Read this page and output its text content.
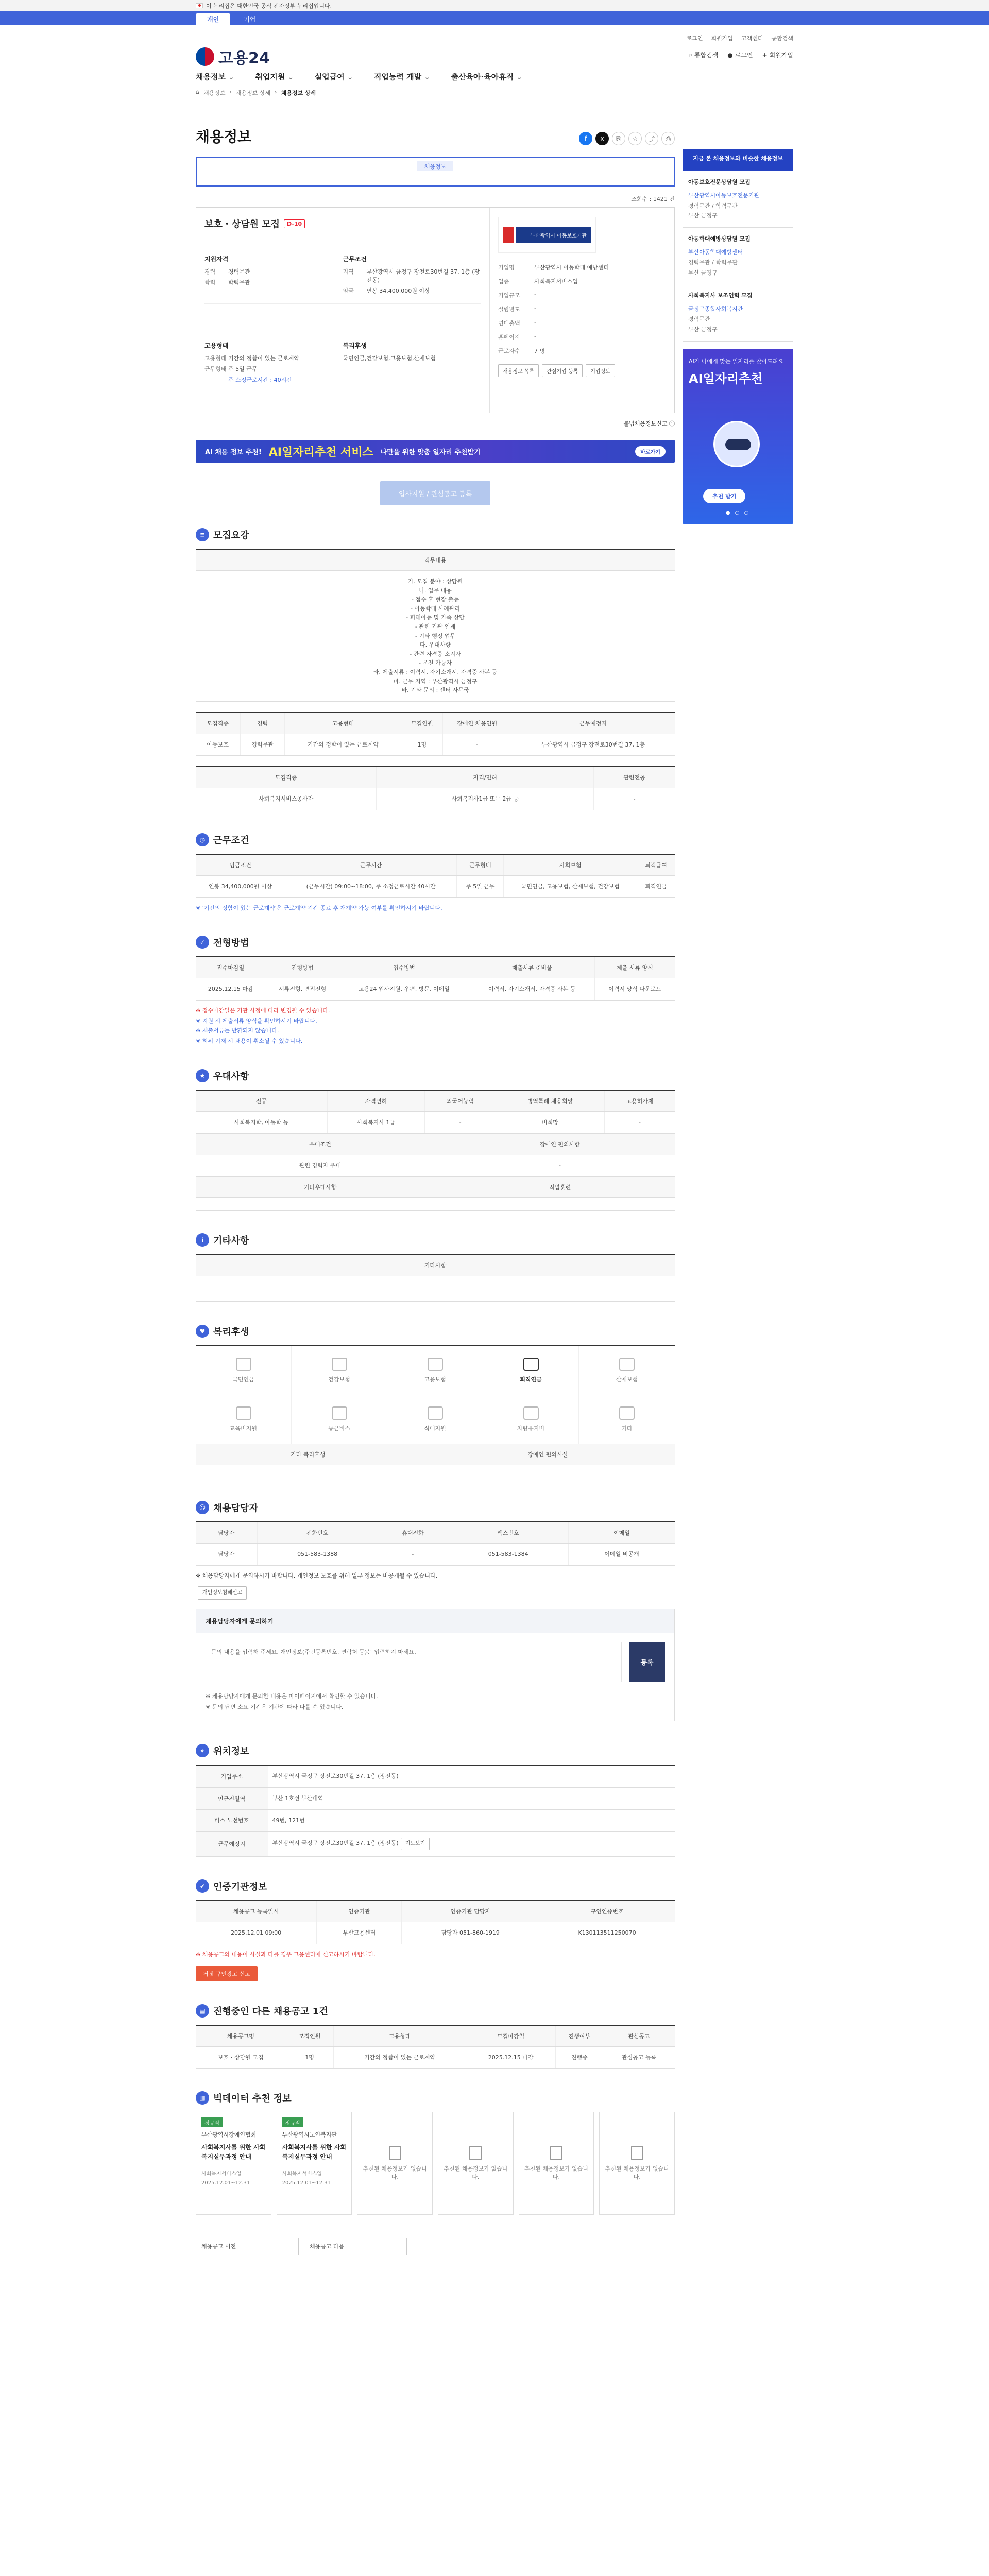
이 누리집은 대한민국 공식 전자정부 누리집입니다.
개인	기업
고용24
로그인 회원가입 고객센터 통합검색
⌕ 통합검색 ● 로그인 + 회원가입
채용정보 ⌄	취업지원 ⌄	실업급여 ⌄	직업능력 개발 ⌄	출산육아·육아휴직 ⌄
⌂ 채용정보 › 채용정보 상세 › 채용정보 상세
채용정보	f	x	⎘	☆	⤴	⎙
채용정보
조회수 : 1421 건
보호・상담원 모집	D-10
지원자격
경력	경력무관
학력	학력무관
근무조건
지역	부산광역시 금정구 장전로30번길 37, 1층 (장전동)
임금	연봉 34,400,000원 이상
고용형태
고용형태 기간의 정함이 있는 근로계약
근무형태 주 5일 근무
주 소정근로시간 : 40시간
복리후생
국민연금,건강보험,고용보험,산재보험
부산광역시 아동보호기관
기업명	부산광역시 아동학대 예방센터
업종	사회복지서비스업
기업규모	-
설립년도	-
연매출액	-
홈페이지	-
근로자수	7 명
채용정보 목록	관심기업 등록	기업정보
불법채용정보신고 ⓘ
AI 채용 정보 추천! AI일자리추천 서비스 나만을 위한 맞춤 일자리 추천받기	바로가기
입사지원 / 관심공고 등록
≡ 모집요강
직무내용

가. 모집 분야 : 상담원
나. 업무 내용
- 접수 후 현장 출동
- 아동학대 사례관리
- 피해아동 및 가족 상담
- 관련 기관 연계
- 기타 행정 업무
다. 우대사항
- 관련 자격증 소지자
- 운전 가능자
라. 제출서류 : 이력서, 자기소개서, 자격증 사본 등
마. 근무 지역 : 부산광역시 금정구
바. 기타 문의 : 센터 사무국
모집직종	경력	고용형태	모집인원	장애인 채용인원	근무예정지
아동보호	경력무관	기간의 정함이 있는 근로계약	1명	-	부산광역시 금정구 장전로30번길 37, 1층
모집직종	자격/면허	관련전공
사회복지서비스종사자	사회복지사1급 또는 2급 등	-
◷ 근무조건
임금조건	근무시간	근무형태	사회보험	퇴직급여
연봉 34,400,000원 이상	(근무시간) 09:00~18:00, 주 소정근로시간 40시간	주 5일 근무	국민연금, 고용보험, 산재보험, 건강보험	퇴직연금
※ '기간의 정함이 있는 근로계약'은 근로계약 기간 종료 후 재계약 가능 여부를 확인하시기 바랍니다.
✓ 전형방법
접수마감일	전형방법	접수방법	제출서류 준비물	제출 서류 양식
2025.12.15 마감	서류전형, 면접전형	고용24 입사지원, 우편, 방문, 이메일	이력서, 자기소개서, 자격증 사본 등	이력서 양식 다운로드
※ 접수마감일은 기관 사정에 따라 변경될 수 있습니다.
※ 지원 시 제출서류 양식을 확인하시기 바랍니다.
※ 제출서류는 반환되지 않습니다.
※ 허위 기재 시 채용이 취소될 수 있습니다.
★ 우대사항
전공	자격면허	외국어능력	병역특례 채용희망	고용허가제
사회복지학, 아동학 등	사회복지사 1급	-	비희망	-
우대조건	장애인 편의사항
관련 경력자 우대	-
기타우대사항	직업훈련

i	기타사항
기타사항

♥ 복리후생
국민연금	건강보험	고용보험	퇴직연금	산재보험
교육비지원	통근버스	식대지원	차량유지비	기타
기타 복리후생	장애인 편의시설

☺ 채용담당자
담당자	전화번호	휴대전화	팩스번호	이메일
담당자	051-583-1388	-	051-583-1384	이메일 비공개
※ 채용담당자에게 문의하시기 바랍니다. 개인정보 보호를 위해 일부 정보는 비공개될 수 있습니다.
개인정보침해신고
채용담당자에게 문의하기
문의 내용을 입력해 주세요. 개인정보(주민등록번호, 연락처 등)는 입력하지 마세요.
등록
※ 채용담당자에게 문의한 내용은 마이페이지에서 확인할 수 있습니다.
※ 문의 답변 소요 기간은 기관에 따라 다를 수 있습니다.
⌖ 위치정보
기업주소	부산광역시 금정구 장전로30번길 37, 1층 (장전동)
인근전철역	부산 1호선 부산대역
버스 노선번호	49번, 121번
근무예정지	부산광역시 금정구 장전로30번길 37, 1층 (장전동) 지도보기
✔ 인증기관정보
채용공고 등록일시	인증기관	인증기관 담당자	구인인증번호
2025.12.01 09:00	부산고용센터	담당자 051-860-1919	K130113511250070
※ 채용공고의 내용이 사실과 다를 경우 고용센터에 신고하시기 바랍니다.
거짓 구인광고 신고
▤ 진행중인 다른 채용공고 1건
채용공고명	모집인원	고용형태	모집마감일	진행여부	관심공고
보호・상담원 모집	1명	기간의 정함이 있는 근로계약	2025.12.15 마감	진행중	관심공고 등록
▥ 빅데이터 추천 정보
정규직
부산광역시장애인협회
사회복지사를 위한 사회복지실무과정 안내
사회복지서비스업 2025.12.01~12.31
정규직
부산광역시노인복지관
사회복지사를 위한 사회복지실무과정 안내
사회복지서비스업 2025.12.01~12.31
추천된 채용정보가 없습니다.
추천된 채용정보가 없습니다.
추천된 채용정보가 없습니다.
추천된 채용정보가 없습니다.
채용공고 이전	채용공고 다음
지금 본 채용정보와 비슷한 채용정보
아동보호전문상담원 모집
부산광역시아동보호전문기관
경력무관 / 학력무관
부산 금정구
아동학대예방상담원 모집
부산아동학대예방센터
경력무관 / 학력무관
부산 금정구
사회복지사 보조인력 모집
금정구종합사회복지관
경력무관
부산 금정구
AI가 나에게 맞는 일자리를 찾아드려요
AI일자리추천
추천 받기
● ○ ○
